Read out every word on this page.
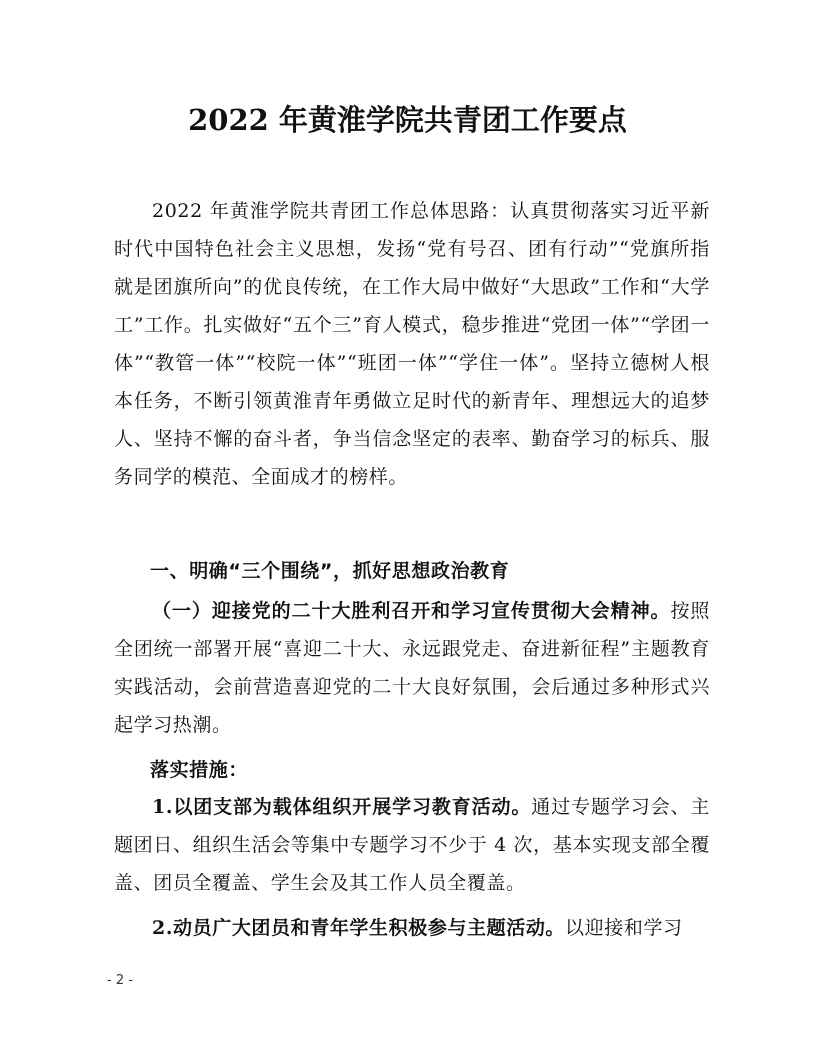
2022 年黄淮学院共青团工作要点
2022 年黄淮学院共青团工作总体思路：认真贯彻落实习近平新时代中国特色社会主义思想，发扬“党有号召、团有行动”“党旗所指就是团旗所向”的优良传统，在工作大局中做好“大思政”工作和“大学工”工作。扎实做好“五个三”育人模式，稳步推进“党团一体”“学团一体”“教管一体”“校院一体”“班团一体”“学住一体”。坚持立德树人根本任务，不断引领黄淮青年勇做立足时代的新青年、理想远大的追梦人、坚持不懈的奋斗者，争当信念坚定的表率、勤奋学习的标兵、服务同学的模范、全面成才的榜样。
一、明确“三个围绕”，抓好思想政治教育
（一）迎接党的二十大胜利召开和学习宣传贯彻大会精神。按照全团统一部署开展“喜迎二十大、永远跟党走、奋进新征程”主题教育实践活动，会前营造喜迎党的二十大良好氛围，会后通过多种形式兴起学习热潮。
落实措施：
1.以团支部为载体组织开展学习教育活动。通过专题学习会、主题团日、组织生活会等集中专题学习不少于 4 次，基本实现支部全覆盖、团员全覆盖、学生会及其工作人员全覆盖。
2.动员广大团员和青年学生积极参与主题活动。以迎接和学习
- 2 -
